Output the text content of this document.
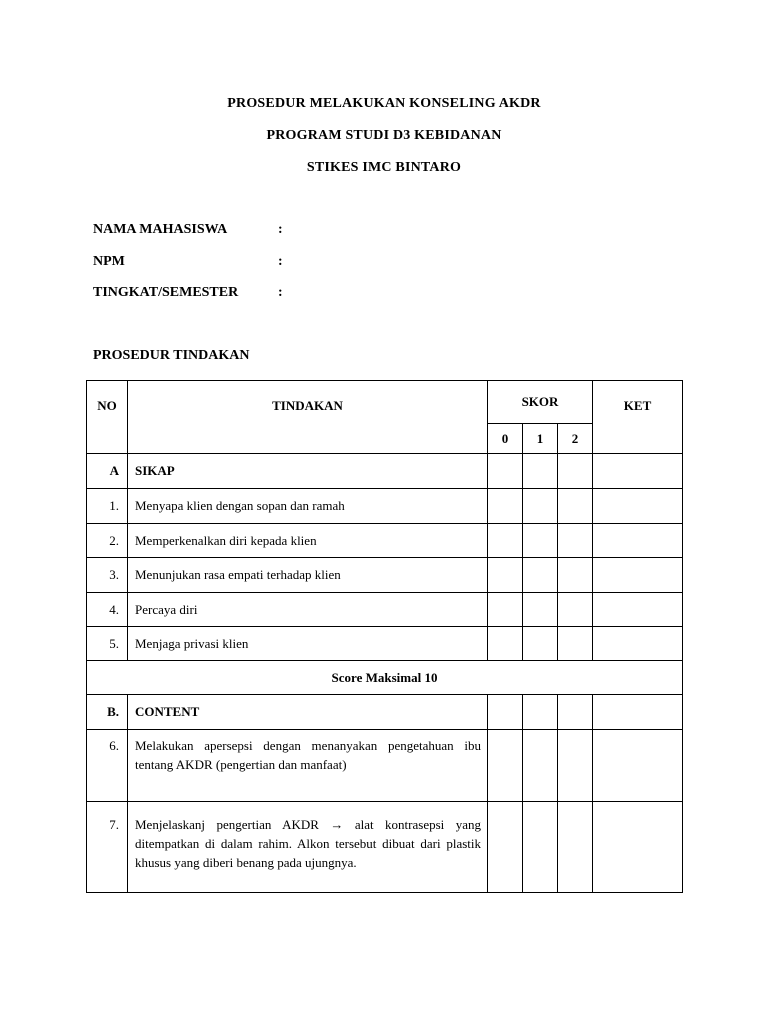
PROSEDUR MELAKUKAN KONSELING AKDR
PROGRAM STUDI D3 KEBIDANAN
STIKES IMC BINTARO
NAMA MAHASISWA	:
NPM	:
TINGKAT/SEMESTER	:
PROSEDUR TINDAKAN
NO	TINDAKAN	SKOR			KET
		0	1	2	
A	SIKAP				
1.	Menyapa klien dengan sopan dan ramah				
2.	Memperkenalkan diri kepada klien				
3.	Menunjukan rasa empati terhadap klien				
4.	Percaya diri				
5.	Menjaga privasi klien				
Score Maksimal 10					
B.	CONTENT				
6.	Melakukan apersepsi dengan menanyakan pengetahuan ibu tentang AKDR (pengertian dan manfaat)				
7.	Menjelaskanj pengertian AKDR → alat kontrasepsi yang ditempatkan di dalam rahim. Alkon tersebut dibuat dari plastik khusus yang diberi benang pada ujungnya.				
